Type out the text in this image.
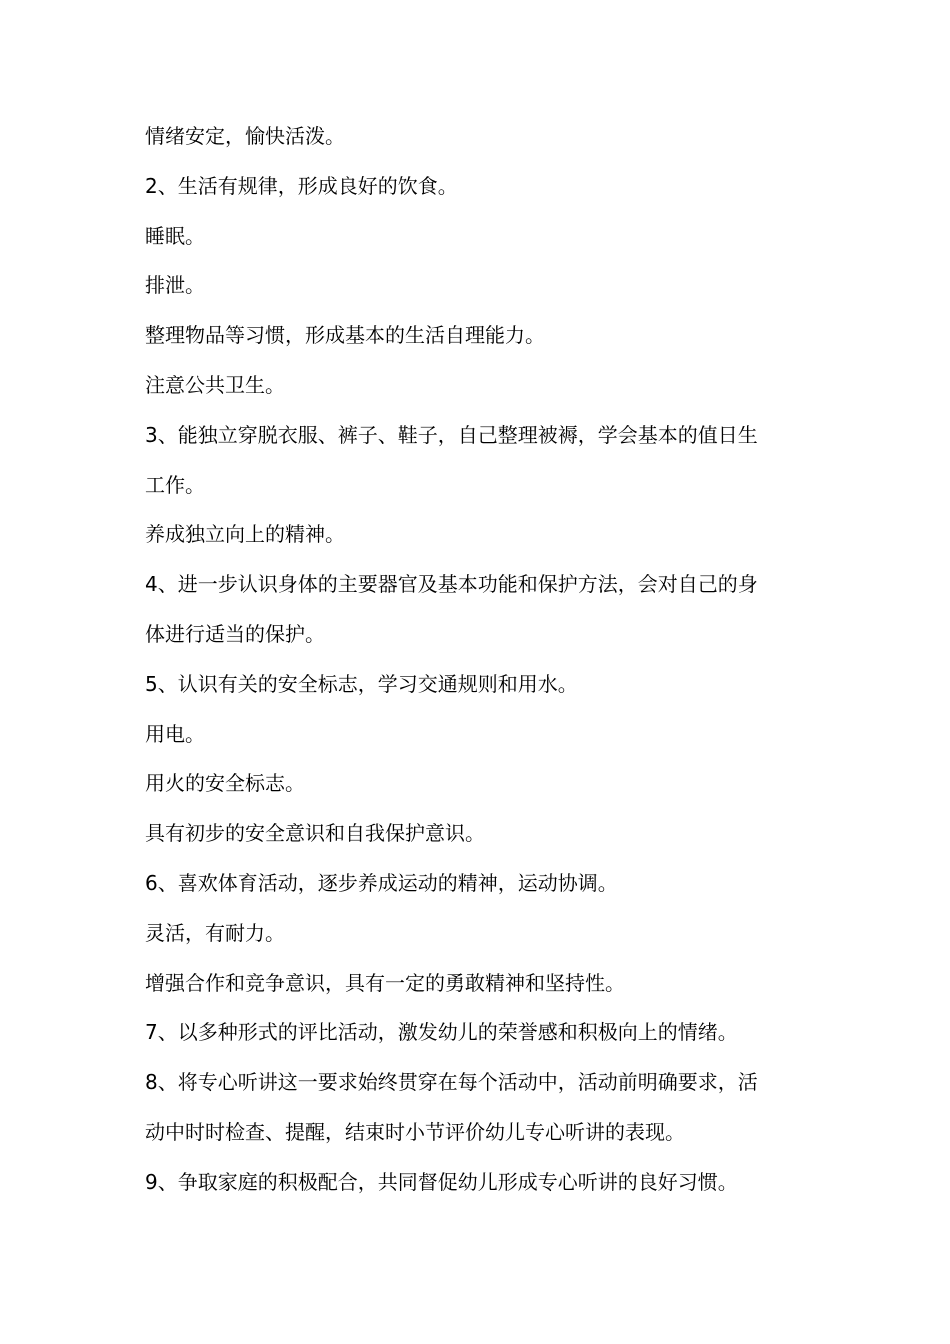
情绪安定，愉快活泼。
2、生活有规律，形成良好的饮食。
睡眠。
排泄。
整理物品等习惯，形成基本的生活自理能力。
注意公共卫生。
3、能独立穿脱衣服、裤子、鞋子，自己整理被褥，学会基本的值日生
工作。
养成独立向上的精神。
4、进一步认识身体的主要器官及基本功能和保护方法，会对自己的身
体进行适当的保护。
5、认识有关的安全标志，学习交通规则和用水。
用电。
用火的安全标志。
具有初步的安全意识和自我保护意识。
6、喜欢体育活动，逐步养成运动的精神，运动协调。
灵活，有耐力。
增强合作和竞争意识，具有一定的勇敢精神和坚持性。
7、以多种形式的评比活动，激发幼儿的荣誉感和积极向上的情绪。
8、将专心听讲这一要求始终贯穿在每个活动中，活动前明确要求，活
动中时时检查、提醒，结束时小节评价幼儿专心听讲的表现。
9、争取家庭的积极配合，共同督促幼儿形成专心听讲的良好习惯。
